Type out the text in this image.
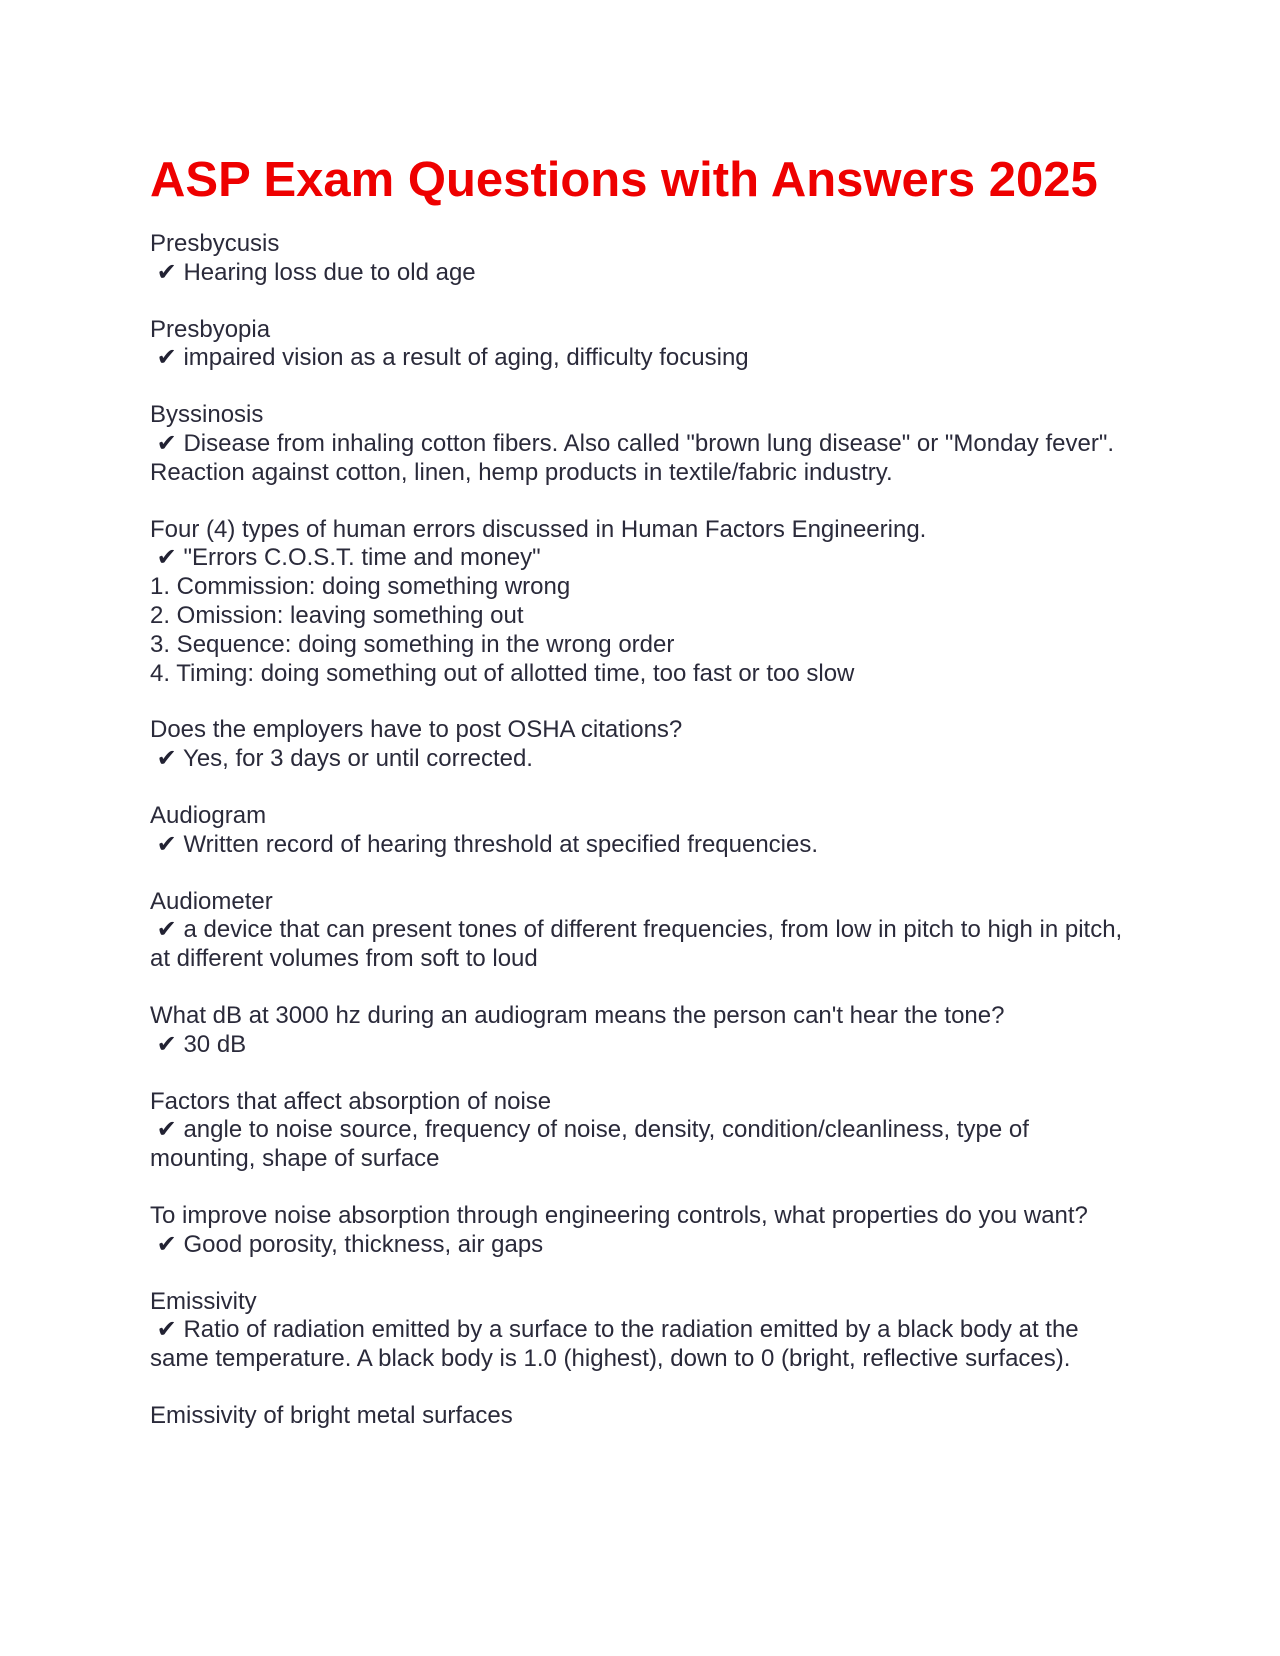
ASP Exam Questions with Answers 2025
Presbycusis
✔ Hearing loss due to old age
Presbyopia
✔ impaired vision as a result of aging, difficulty focusing
Byssinosis
✔ Disease from inhaling cotton fibers. Also called "brown lung disease" or "Monday fever". Reaction against cotton, linen, hemp products in textile/fabric industry.
Four (4) types of human errors discussed in Human Factors Engineering.
✔ "Errors C.O.S.T. time and money"
1. Commission: doing something wrong
2. Omission: leaving something out
3. Sequence: doing something in the wrong order
4. Timing: doing something out of allotted time, too fast or too slow
Does the employers have to post OSHA citations?
✔ Yes, for 3 days or until corrected.
Audiogram
✔ Written record of hearing threshold at specified frequencies.
Audiometer
✔ a device that can present tones of different frequencies, from low in pitch to high in pitch, at different volumes from soft to loud
What dB at 3000 hz during an audiogram means the person can't hear the tone?
✔ 30 dB
Factors that affect absorption of noise
✔ angle to noise source, frequency of noise, density, condition/cleanliness, type of mounting, shape of surface
To improve noise absorption through engineering controls, what properties do you want?
✔ Good porosity, thickness, air gaps
Emissivity
✔ Ratio of radiation emitted by a surface to the radiation emitted by a black body at the same temperature. A black body is 1.0 (highest), down to 0 (bright, reflective surfaces).
Emissivity of bright metal surfaces
